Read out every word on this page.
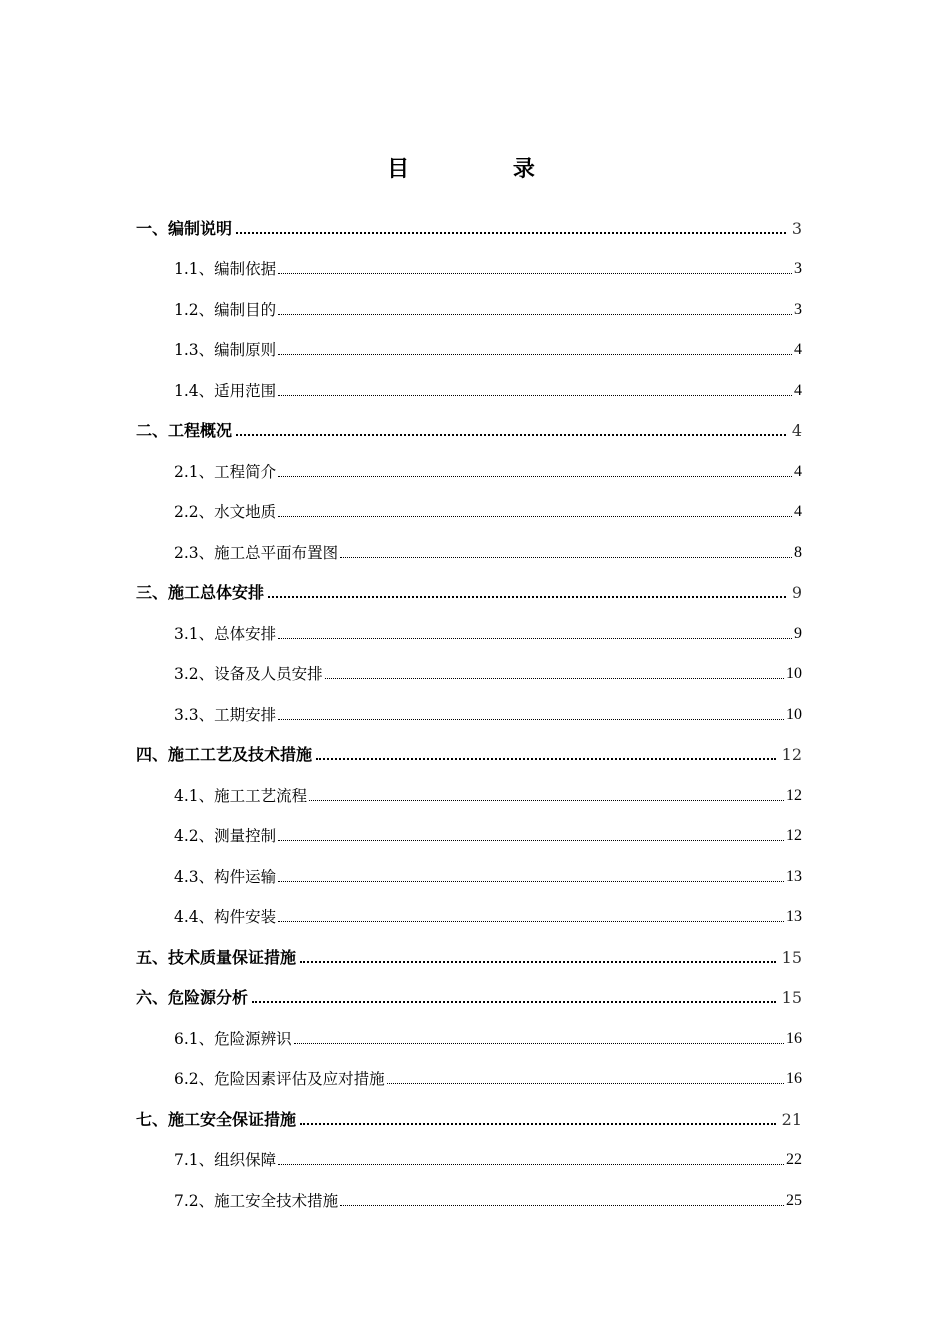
目 录
一、编制说明	3
1.1、编制依据	3
1.2、编制目的	3
1.3、编制原则	4
1.4、适用范围	4
二、工程概况	4
2.1、工程简介	4
2.2、水文地质	4
2.3、施工总平面布置图	8
三、施工总体安排	9
3.1、总体安排	9
3.2、设备及人员安排	10
3.3、工期安排	10
四、施工工艺及技术措施	12
4.1、施工工艺流程	12
4.2、测量控制	12
4.3、构件运输	13
4.4、构件安装	13
五、技术质量保证措施	15
六、危险源分析	15
6.1、危险源辨识	16
6.2、危险因素评估及应对措施	16
七、施工安全保证措施	21
7.1、组织保障	22
7.2、施工安全技术措施	25
